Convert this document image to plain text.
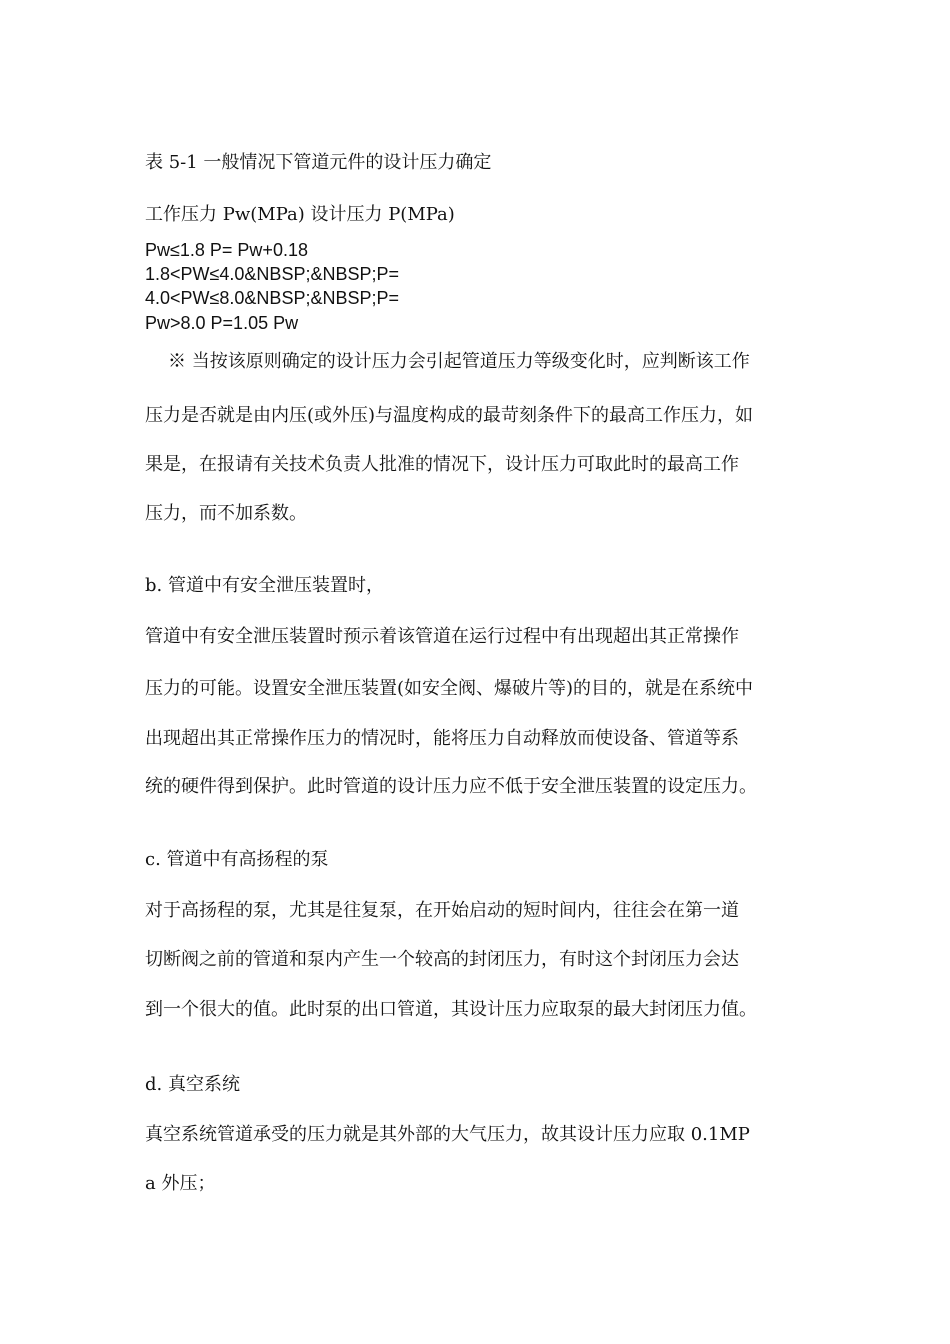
表 5-1 一般情况下管道元件的设计压力确定
工作压力 Pw(MPa) 设计压力 P(MPa)
Pw≤1.8 P= Pw+0.18
1.8<PW≤4.0&NBSP;&NBSP;P=
4.0<PW≤8.0&NBSP;&NBSP;P=
Pw>8.0 P=1.05 Pw
※ 当按该原则确定的设计压力会引起管道压力等级变化时，应判断该工作
压力是否就是由内压(或外压)与温度构成的最苛刻条件下的最高工作压力，如
果是，在报请有关技术负责人批准的情况下，设计压力可取此时的最高工作
压力，而不加系数。
b. 管道中有安全泄压装置时，
管道中有安全泄压装置时预示着该管道在运行过程中有出现超出其正常操作
压力的可能。设置安全泄压装置(如安全阀、爆破片等)的目的，就是在系统中
出现超出其正常操作压力的情况时，能将压力自动释放而使设备、管道等系
统的硬件得到保护。此时管道的设计压力应不低于安全泄压装置的设定压力。
c. 管道中有高扬程的泵
对于高扬程的泵，尤其是往复泵，在开始启动的短时间内，往往会在第一道
切断阀之前的管道和泵内产生一个较高的封闭压力，有时这个封闭压力会达
到一个很大的值。此时泵的出口管道，其设计压力应取泵的最大封闭压力值。
d. 真空系统
真空系统管道承受的压力就是其外部的大气压力，故其设计压力应取 0.1MP
a 外压；
